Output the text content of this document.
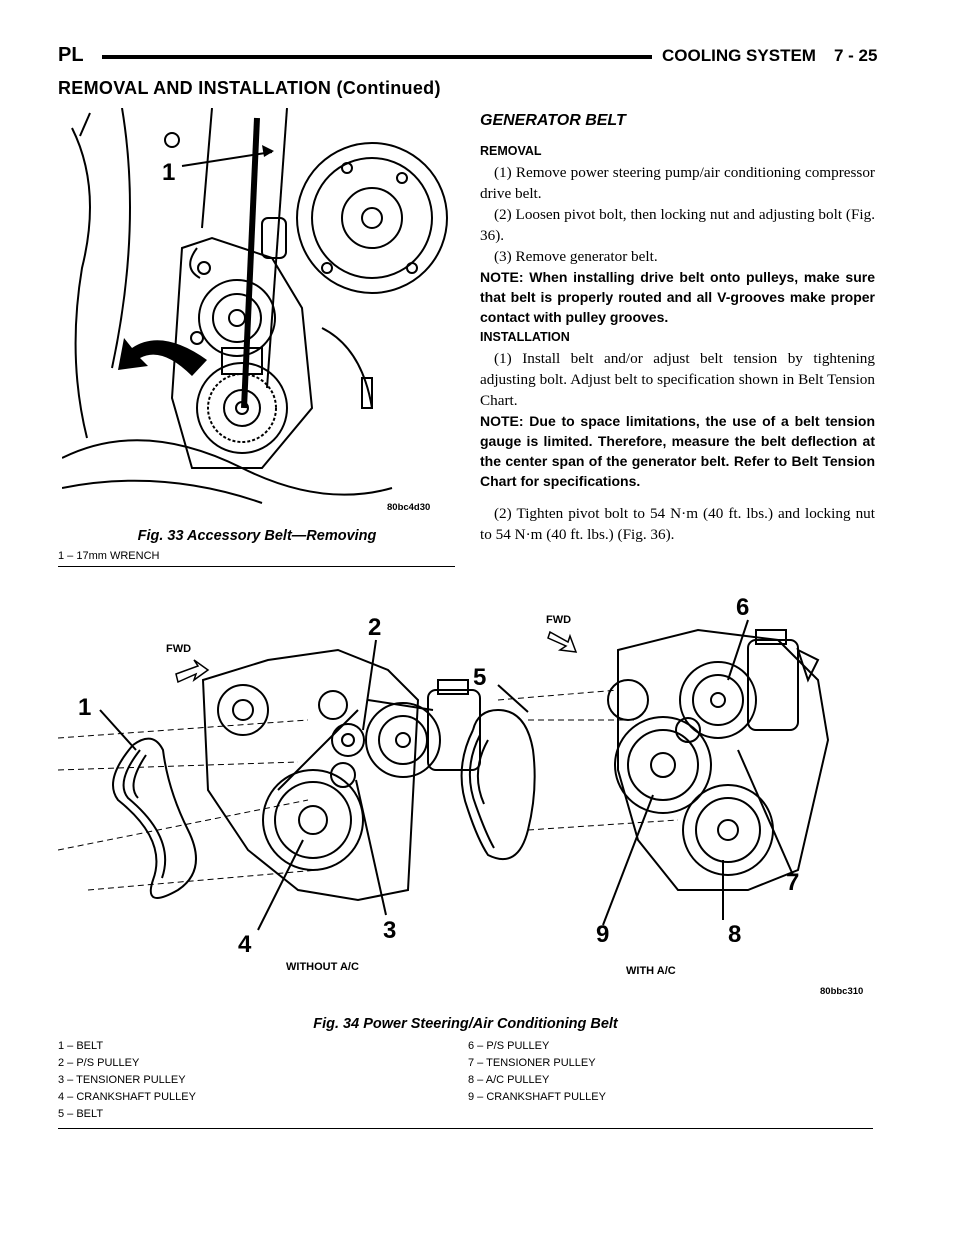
PL	COOLING SYSTEM 7 - 25
REMOVAL AND INSTALLATION (Continued)
1
80bc4d30
Fig. 33 Accessory Belt—Removing
1 – 17mm WRENCH

GENERATOR BELT

REMOVAL

(1) Remove power steering pump/air conditioning compressor drive belt.

(2) Loosen pivot bolt, then locking nut and adjusting bolt (Fig. 36).

(3) Remove generator belt.

NOTE: When installing drive belt onto pulleys, make sure that belt is properly routed and all V-grooves make proper contact with pulley grooves.

INSTALLATION

(1) Install belt and/or adjust belt tension by tightening adjusting bolt. Adjust belt to specification shown in Belt Tension Chart.

NOTE: Due to space limitations, the use of a belt tension gauge is limited. Therefore, measure the belt deflection at the center span of the generator belt. Refer to Belt Tension Chart for specifications.

(2) Tighten pivot bolt to 54 N·m (40 ft. lbs.) and locking nut to 54 N·m (40 ft. lbs.) (Fig. 36).

FWD
FWD
1
2
3
4
5
6
7
8
9
WITHOUT A/C	WITH A/C
80bbc310
Fig. 34 Power Steering/Air Conditioning Belt
1 – BELT
2 – P/S PULLEY
3 – TENSIONER PULLEY
4 – CRANKSHAFT PULLEY
5 – BELT
6 – P/S PULLEY
7 – TENSIONER PULLEY
8 – A/C PULLEY
9 – CRANKSHAFT PULLEY
